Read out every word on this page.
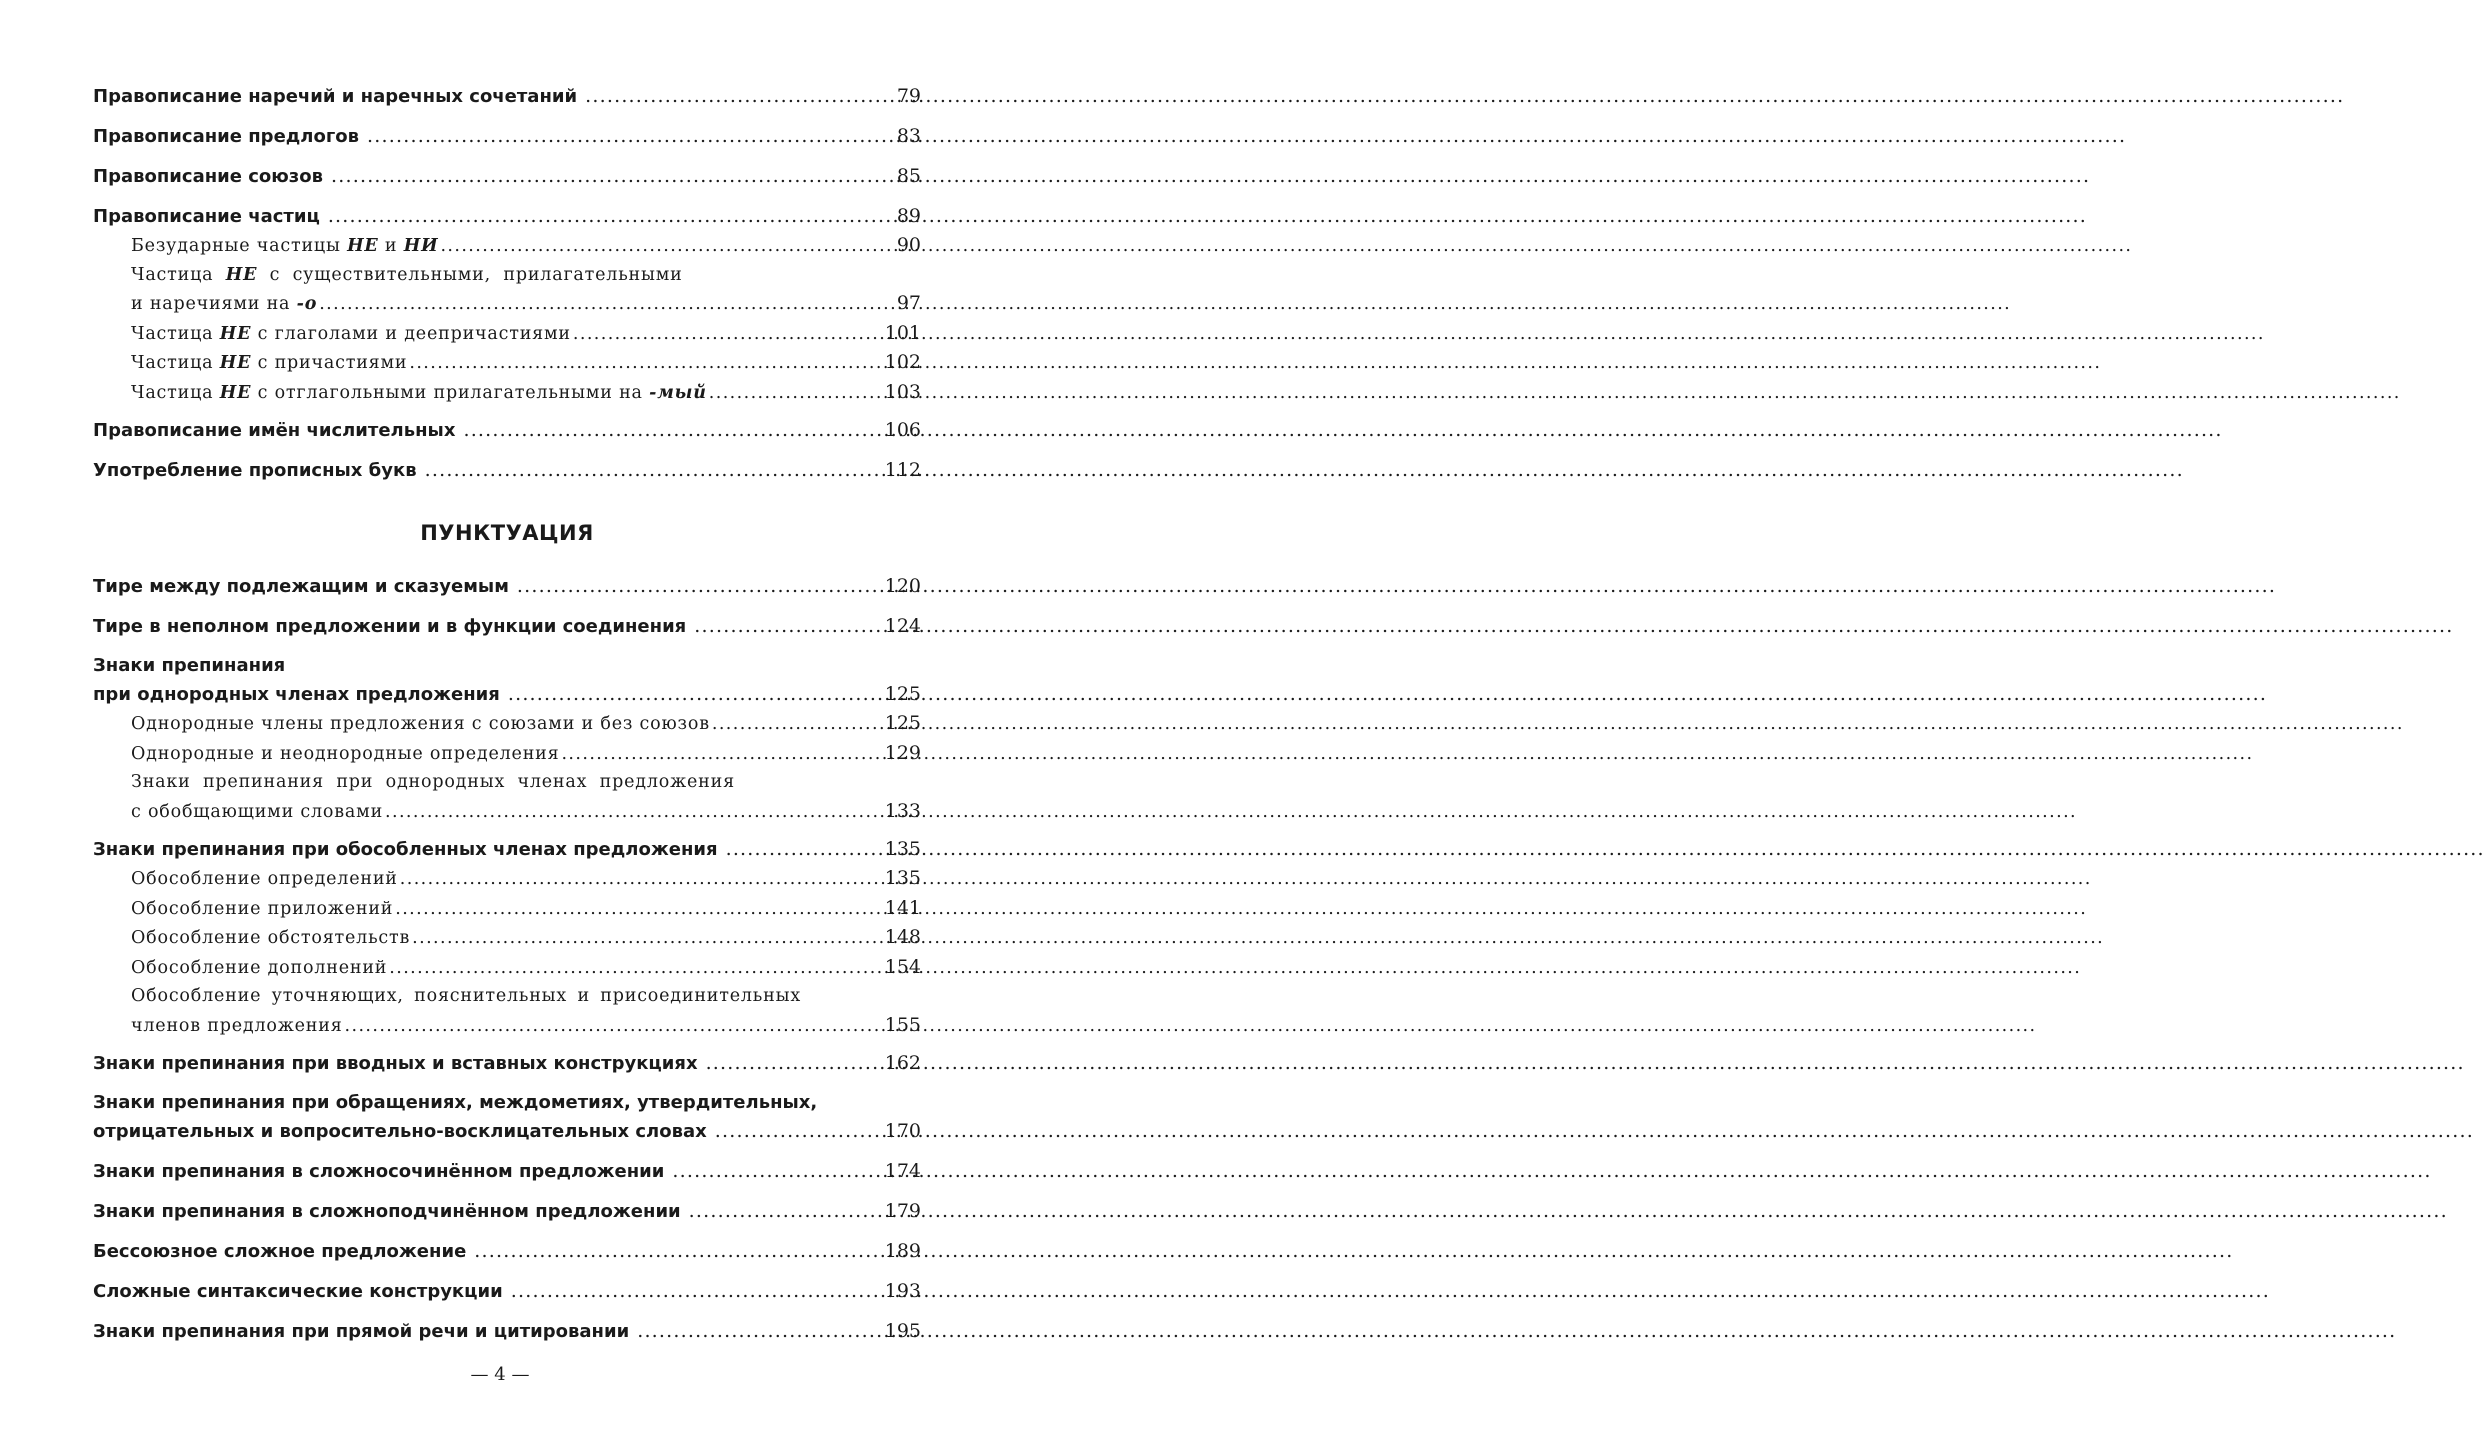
Правописание наречий и наречных сочетаний .....	79
Правописание предлогов .....	83
Правописание союзов .....	85
Правописание частиц .....	89
Безударные частицы НЕ и НИ .....	90
Частица НЕ с существительными, прилагательными
и наречиями на -о .....	97
Частица НЕ с глаголами и деепричастиями .....	101
Частица НЕ с причастиями .....	102
Частица НЕ с отглагольными прилагательными на -мый .....	103
Правописание имён числительных .....	106
Употребление прописных букв .....	112
ПУНКТУАЦИЯ
Тире между подлежащим и сказуемым .....	120
Тире в неполном предложении и в функции соединения .....	124
Знаки препинания
при однородных членах предложения .....	125
Однородные члены предложения с союзами и без союзов .....	125
Однородные и неоднородные определения .....	129
Знаки препинания при однородных членах предложения
с обобщающими словами .....	133
Знаки препинания при обособленных членах предложения .....	135
Обособление определений .....	135
Обособление приложений .....	141
Обособление обстоятельств .....	148
Обособление дополнений .....	154
Обособление уточняющих, пояснительных и присоединительных
членов предложения .....	155
Знаки препинания при вводных и вставных конструкциях .....	162
Знаки препинания при обращениях, междометиях, утвердительных,
отрицательных и вопросительно-восклицательных словах .....	170
Знаки препинания в сложносочинённом предложении .....	174
Знаки препинания в сложноподчинённом предложении .....	179
Бессоюзное сложное предложение .....	189
Сложные синтаксические конструкции .....	193
Знаки препинания при прямой речи и цитировании .....	195
— 4 —
